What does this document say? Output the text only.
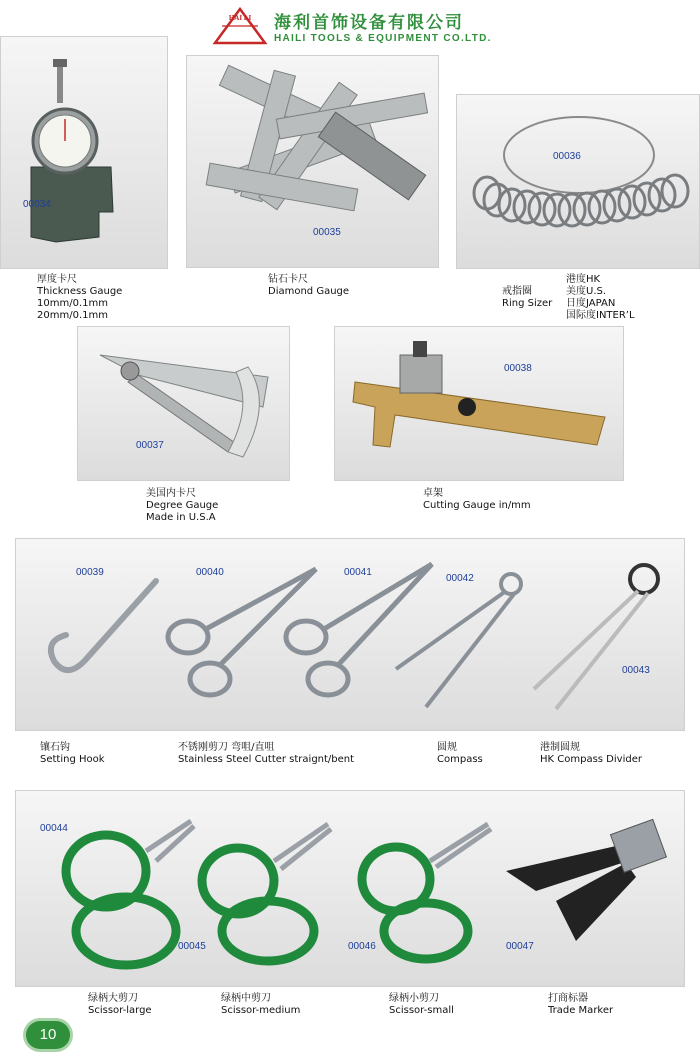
HAI LI	海利首饰设备有限公司
HAILI TOOLS & EQUIPMENT CO.LTD.
00034
00035
00036
厚度卡尺
Thickness Gauge
10mm/0.1mm
20mm/0.1mm
钻石卡尺
Diamond Gauge	戒指圈
Ring Sizer
港度HK
美度U.S.
日度JAPAN
国际度INTER’L
00037
00038
美国内卡尺
Degree Gauge
Made in U.S.A
卓架
Cutting Gauge in/mm
00039	00040	00041
00042
00043
镶石钩
Setting Hook
不锈刚剪刀 弯咀/直咀
Stainless Steel Cutter straignt/bent
圆规
Compass
港制圆规
HK Compass Divider
00044
00045	00046	00047
绿柄大剪刀
Scissor-large
绿柄中剪刀
Scissor-medium
绿柄小剪刀
Scissor-small
打商标器
Trade Marker
10
